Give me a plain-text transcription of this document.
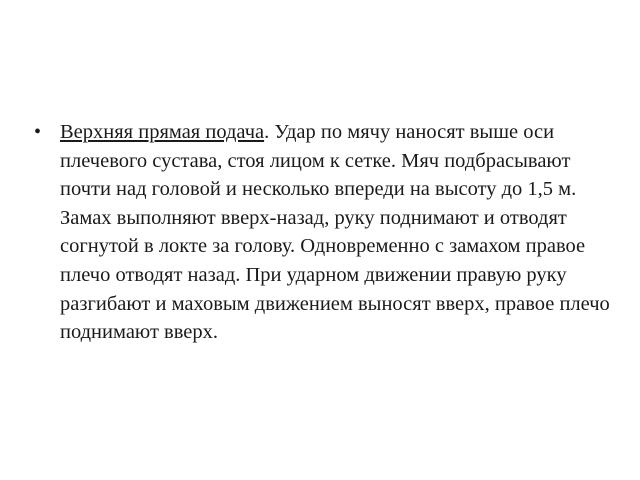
• Верхняя прямая подача. Удар по мячу наносят выше оси плечевого сустава, стоя лицом к сетке. Мяч подбрасывают почти над головой и несколько впереди на высоту до 1,5 м. Замах выполняют вверх-назад, руку поднимают и отводят согнутой в локте за голову. Одновременно с замахом правое плечо отводят назад. При ударном движении правую руку разгибают и маховым движением выносят вверх, правое плечо поднимают вверх.
